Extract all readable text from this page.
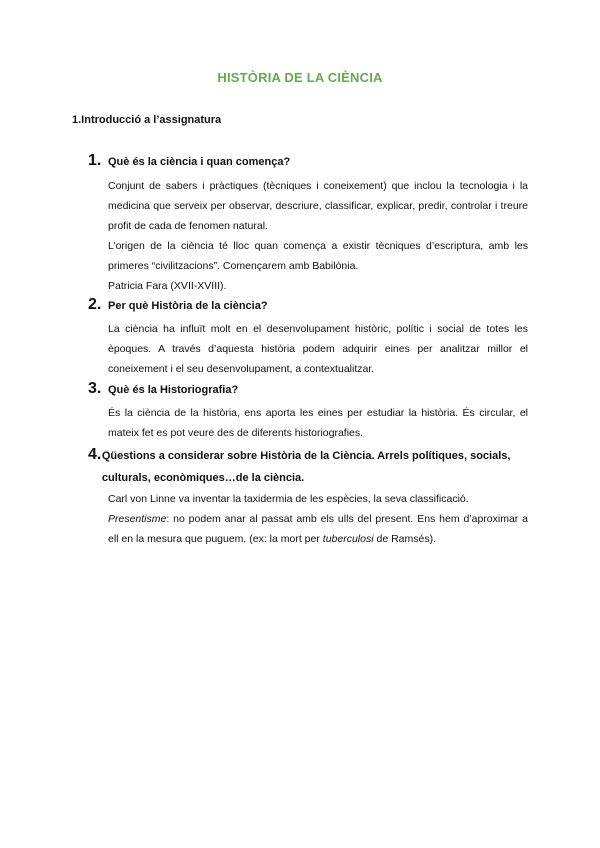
HISTÒRIA DE LA CIÈNCIA
1.Introducció a l’assignatura
1. Què és la ciència i quan comença?

Conjunt de sabers i pràctiques (tècniques i coneixement) que inclou la tecnologia i la medicina que serveix per observar, descriure, classificar, explicar, predir, controlar i treure profit de cada de fenomen natural.

L’origen de la ciència té lloc quan comença a existir tècniques d’escriptura, amb les primeres “civilitzacions”. Començarem amb Babilònia.

Patricia Fara (XVII-XVIII).

2. Per què Història de la ciència?

La ciència ha influït molt en el desenvolupament històric, polític i social de totes les èpoques. A través d’aquesta història podem adquirir eines per analitzar millor el coneixement i el seu desenvolupament, a contextualitzar.

3. Què és la Historiografia?

És la ciència de la història, ens aporta les eines per estudiar la història. És circular, el mateix fet es pot veure des de diferents historiografies.

4. Qüestions a considerar sobre Història de la Ciència. Arrels polítiques, socials, culturals, econòmiques…de la ciència.

Carl von Linne va inventar la taxidermia de les espècies, la seva classificació.

Presentisme: no podem anar al passat amb els ulls del present. Ens hem d’aproximar a ell en la mesura que puguem. (ex: la mort per tuberculosi de Ramsés).
